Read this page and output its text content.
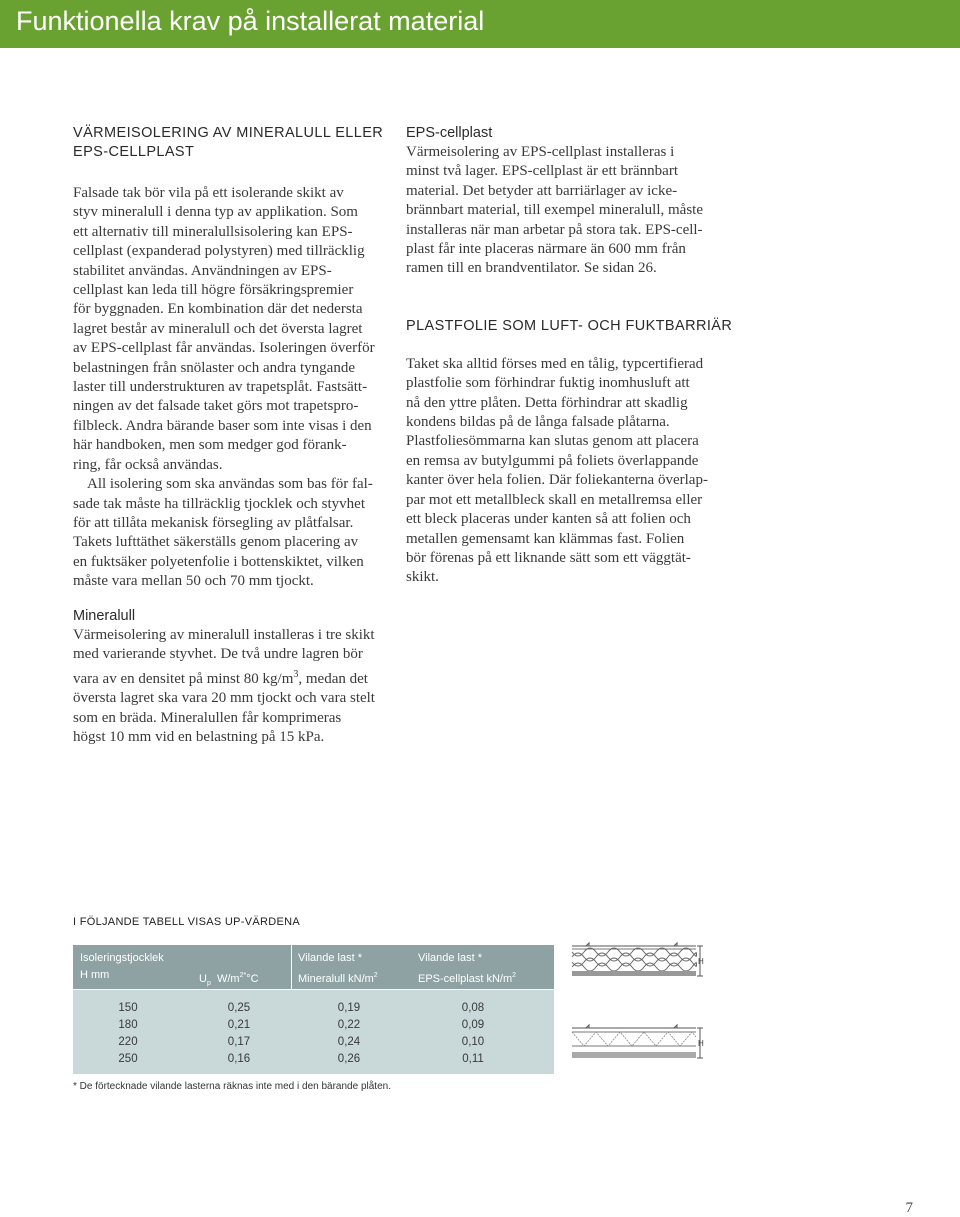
Funktionella krav på installerat material

VÄRMEISOLERING AV MINERALULL ELLER
EPS-CELLPLAST

Falsade tak bör vila på ett isolerande skikt av
styv mineralull i denna typ av applikation. Som
ett alternativ till mineralullsisolering kan EPS-
cellplast (expanderad polystyren) med tillräcklig
stabilitet användas. Användningen av EPS-
cellplast kan leda till högre försäkringspremier
för byggnaden. En kombination där det nedersta
lagret består av mineralull och det översta lagret
av EPS-cellplast får användas. Isoleringen överför
belastningen från snölaster och andra tyngande
laster till understrukturen av trapetsplåt. Fastsätt-
ningen av det falsade taket görs mot trapetspro-
filbleck. Andra bärande baser som inte visas i den
här handboken, men som medger god förank-
ring, får också användas.

All isolering som ska användas som bas för fal-
sade tak måste ha tillräcklig tjocklek och styvhet
för att tillåta mekanisk försegling av plåtfalsar.
Takets lufttäthet säkerställs genom placering av
en fuktsäker polyetenfolie i bottenskiktet, vilken
måste vara mellan 50 och 70 mm tjockt.

Mineralull

Värmeisolering av mineralull installeras i tre skikt
med varierande styvhet. De två undre lagren bör
vara av en densitet på minst 80 $kg/m^3$, medan det
översta lagret ska vara 20 mm tjockt och vara stelt
som en bräda. Mineralullen får komprimeras
högst 10 mm vid en belastning på 15 kPa.

EPS-cellplast

Värmeisolering av EPS-cellplast installeras i
minst två lager. EPS-cellplast är ett brännbart
material. Det betyder att barriärlager av icke-
brännbart material, till exempel mineralull, måste
installeras när man arbetar på stora tak. EPS-cell-
plast får inte placeras närmare än 600 mm från
ramen till en brandventilator. Se sidan 26.

PLASTFOLIE SOM LUFT- OCH FUKTBARRIÄR

Taket ska alltid förses med en tålig, typcertifierad
plastfolie som förhindrar fuktig inomhusluft att
nå den yttre plåten. Detta förhindrar att skadlig
kondens bildas på de långa falsade plåtarna.
Plastfoliesömmarna kan slutas genom att placera
en remsa av butylgummi på foliets överlappande
kanter över hela folien. Där foliekanterna överlap-
par mot ett metallbleck skall en metallremsa eller
ett bleck placeras under kanten så att folien och
metallen gemensamt kan klämmas fast. Folien
bör förenas på ett liknande sätt som ett väggtät-
skikt.

I FÖLJANDE TABELL VISAS UP-VÄRDENA
Isoleringstjocklek
H mm	$U_p$ $W/m^{2*}^\circ C$
Vilande last *
Mineralull $kN/m^2$
Vilande last *
EPS-cellplast $kN/m^2$
150
180
220
250
0,25
0,21
0,17
0,16
0,19
0,22
0,24
0,26
0,08
0,09
0,10
0,11
* De förtecknade vilande lasterna räknas inte med i den bärande plåten.
H
H
7
